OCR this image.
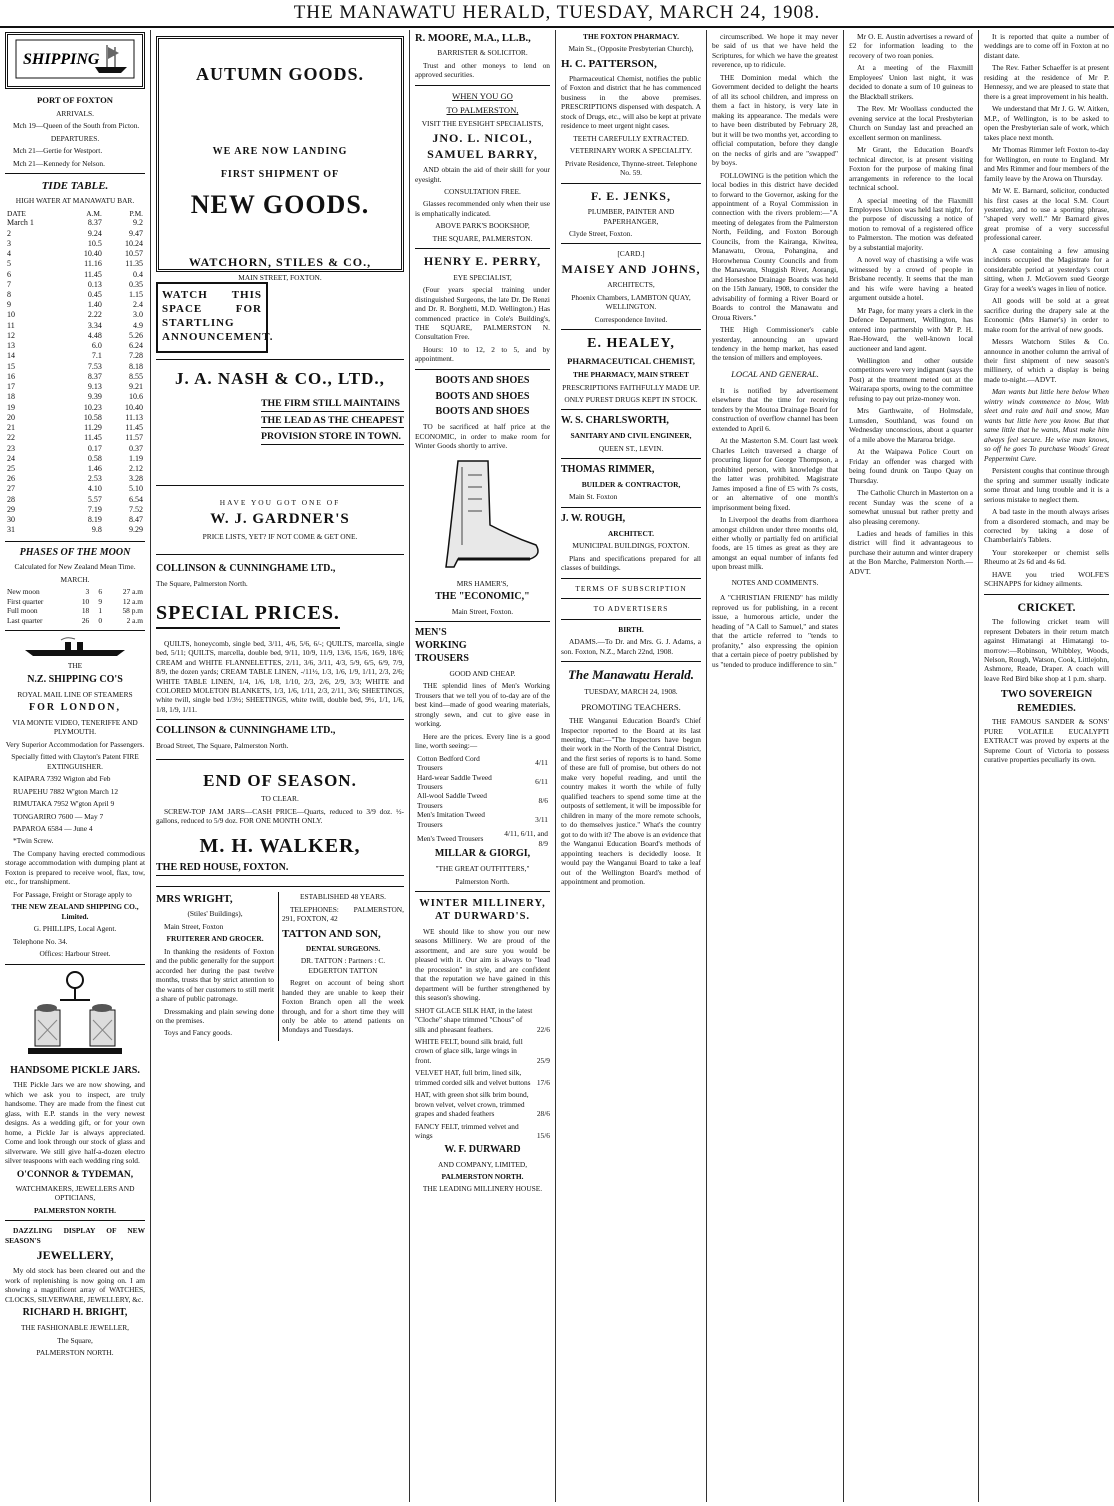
THE MANAWATU HERALD, TUESDAY, MARCH 24, 1908.
SHIPPING

PORT OF FOXTON

ARRIVALS.

Mch 19—Queen of the South from Picton.

DEPARTURES.

Mch 21—Gertie for Westport.

Mch 21—Kennedy for Nelson.

TIDE TABLE.

HIGH WATER AT MANAWATU BAR.

DATE	A.M.	P.M.
March 1	8.37	9.2
2	9.24	9.47
3	10.5	10.24
4	10.40	10.57
5	11.16	11.35
6	11.45	0.4
7	0.13	0.35
8	0.45	1.15
9	1.40	2.4
10	2.22	3.0
11	3.34	4.9
12	4.48	5.26
13	6.0	6.24
14	7.1	7.28
15	7.53	8.18
16	8.37	8.55
17	9.13	9.21
18	9.39	10.6
19	10.23	10.40
20	10.58	11.13
21	11.29	11.45
22	11.45	11.57
23	0.17	0.37
24	0.58	1.19
25	1.46	2.12
26	2.53	3.28
27	4.10	5.10
28	5.57	6.54
29	7.19	7.52
30	8.19	8.47
31	9.8	9.29

PHASES OF THE MOON

Calculated for New Zealand Mean Time.

MARCH.

New moon	3	6	27 a.m
First quarter	10	9	12 a.m
Full moon	18	1	58 p.m
Last quarter	26	0	2 a.m

THE

N.Z. SHIPPING CO'S

ROYAL MAIL LINE OF STEAMERS

FOR LONDON,

VIA MONTE VIDEO, TENERIFFE AND PLYMOUTH.

Very Superior Accommodation for Passengers.

Specially fitted with Clayton's Patent FIRE EXTINGUISHER.

KAIPARA 7392 Wigton abd Feb

RUAPEHU 7882 W'gton March 12

RIMUTAKA 7952 W'gton April 9

TONGARIRO 7600 — May 7

PAPAROA 6584 — June 4

*Twin Screw.

The Company having erected commodious storage accommodation with dumping plant at Foxton is prepared to receive wool, flax, tow, etc., for transhipment.

For Passage, Freight or Storage apply to

THE NEW ZEALAND SHIPPING CO., Limited.

G. PHILLIPS, Local Agent.

Telephone No. 34.

Offices: Harbour Street.

HANDSOME PICKLE JARS.

THE Pickle Jars we are now showing, and which we ask you to inspect, are truly handsome. They are made from the finest cut glass, with E.P. stands in the very newest designs. As a wedding gift, or for your own home, a Pickle Jar is always appreciated. Come and look through our stock of glass and silverware. We still give half-a-dozen electro silver teaspoons with each wedding ring sold.

O'CONNOR & TYDEMAN,

WATCHMAKERS, JEWELLERS AND OPTICIANS,

PALMERSTON NORTH.

DAZZLING DISPLAY OF NEW SEASON'S

JEWELLERY,

My old stock has been cleared out and the work of replenishing is now going on. I am showing a magnificent array of WATCHES, CLOCKS, SILVERWARE, JEWELLERY, &c.

RICHARD H. BRIGHT,

THE FASHIONABLE JEWELLER,

The Square,

PALMERSTON NORTH.

AUTUMN GOODS.

WE ARE NOW LANDING

FIRST SHIPMENT OF

NEW GOODS.

WATCHORN, STILES & CO.,

MAIN STREET, FOXTON.

WATCH THIS SPACE FOR STARTLING ANNOUNCEMENT.

J. A. NASH & CO., LTD.,

THE FIRM STILL MAINTAINS

THE LEAD AS THE CHEAPEST

PROVISION STORE IN TOWN.

HAVE YOU GOT ONE OF

W. J. GARDNER'S

PRICE LISTS, YET? IF NOT COME & GET ONE.

COLLINSON & CUNNINGHAME LTD.,

The Square, Palmerston North.

SPECIAL PRICES.

QUILTS, honeycomb, single bed, 3/11, 4/6, 5/6, 6/-; QUILTS, marcella, single bed, 5/11; QUILTS, marcella, double bed, 9/11, 10/9, 11/9, 13/6, 15/6, 16/9, 18/6; CREAM and WHITE FLANNELETTES, 2/11, 3/6, 3/11, 4/3, 5/9, 6/5, 6/9, 7/9, 8/9, the dozen yards; CREAM TABLE LINEN, -/11½, 1/3, 1/6, 1/9, 1/11, 2/3, 2/6; WHITE TABLE LINEN, 1/4, 1/6, 1/8, 1/10, 2/3, 2/6, 2/9, 3/3; WHITE and COLORED MOLETON BLANKETS, 1/3, 1/6, 1/11, 2/3, 2/11, 3/6; SHEETINGS, white twill, single bed 1/3½; SHEETINGS, white twill, double bed, 9½, 1/1, 1/6, 1/8, 1/9, 1/11.

COLLINSON & CUNNINGHAME LTD.,

Broad Street, The Square, Palmerston North.

END OF SEASON.

TO CLEAR.

SCREW-TOP JAM JARS—CASH PRICE—Quarts, reduced to 3/9 doz. ½-gallons, reduced to 5/9 doz. FOR ONE MONTH ONLY.

M. H. WALKER,

THE RED HOUSE, FOXTON.

MRS WRIGHT,

(Stiles' Buildings),

Main Street, Foxton

FRUITERER AND GROCER.

In thanking the residents of Foxton and the public generally for the support accorded her during the past twelve months, trusts that by strict attention to the wants of her customers to still merit a share of public patronage.

Dressmaking and plain sewing done on the premises.

Toys and Fancy goods.

ESTABLISHED 48 YEARS.

TELEPHONES: PALMERSTON, 291, FOXTON, 42

TATTON AND SON,

DENTAL SURGEONS.

DR. TATTON : Partners : C. EDGERTON TATTON

Regret on account of being short handed they are unable to keep their Foxton Branch open all the week through, and for a short time they will only be able to attend patients on Mondays and Tuesdays.

R. MOORE, M.A., LL.B.,

BARRISTER & SOLICITOR.

Trust and other moneys to lend on approved securities.

WHEN YOU GO

TO PALMERSTON,

VISIT THE EYESIGHT SPECIALISTS,

JNO. L. NICOL, SAMUEL BARRY,

AND obtain the aid of their skill for your eyesight.

CONSULTATION FREE.

Glasses recommended only when their use is emphatically indicated.

ABOVE PARK'S BOOKSHOP,

THE SQUARE, PALMERSTON.

HENRY E. PERRY,

EYE SPECIALIST,

(Four years special training under distinguished Surgeons, the late Dr. De Renzi and Dr. R. Borghetti, M.D. Wellington.) Has commenced practice in Cole's Building's, THE SQUARE, PALMERSTON N. Consultation Free.

Hours: 10 to 12, 2 to 5, and by appointment.

BOOTS AND SHOES

BOOTS AND SHOES

BOOTS AND SHOES

TO be sacrificed at half price at the ECONOMIC, in order to make room for Winter Goods shortly to arrive.

MRS HAMER'S,

THE "ECONOMIC,"

Main Street, Foxton.

MEN'S WORKING TROUSERS

GOOD AND CHEAP.

THE splendid lines of Men's Working Trousers that we tell you of to-day are of the best kind—made of good wearing materials, strongly sewn, and cut to give ease in working.

Here are the prices. Every line is a good line, worth seeing:—

Cotton Bedford Cord Trousers	4/11
Hard-wear Saddle Tweed Trousers	6/11
All-wool Saddle Tweed Trousers	8/6
Men's Imitation Tweed Trousers	3/11
Men's Tweed Trousers	4/11, 6/11, and 8/9

MILLAR & GIORGI,

"THE GREAT OUTFITTERS,"

Palmerston North.

WINTER MILLINERY, AT DURWARD'S.

WE should like to show you our new seasons Millinery. We are proud of the assortment, and are sure you would be pleased with it. Our aim is always to "lead the procession" in style, and are confident that the reputation we have gained in this department will be further strengthened by this season's showing.

SHOT GLACE SILK HAT, in the latest "Cloche" shape trimmed "Chous" of silk and pheasant feathers.	22/6
WHITE FELT, bound silk braid, full crown of glace silk, large wings in front.	25/9
VELVET HAT, full brim, lined silk, trimmed corded silk and velvet buttons 17/6
HAT, with green shot silk brim bound, brown velvet, velvet crown, trimmed grapes and shaded feathers	28/6
FANCY FELT, trimmed velvet and wings	15/6

W. F. DURWARD

AND COMPANY, LIMITED,

PALMERSTON NORTH.

THE LEADING MILLINERY HOUSE.

THE FOXTON PHARMACY.

Main St., (Opposite Presbyterian Church),

H. C. PATTERSON,

Pharmaceutical Chemist, notifies the public of Foxton and district that he has commenced business in the above premises. PRESCRIPTIONS dispensed with despatch. A stock of Drugs, etc., will also be kept at private residence to meet urgent night cases.

TEETH CAREFULLY EXTRACTED.

VETERINARY WORK A SPECIALITY.

Private Residence, Thynne-street. Telephone No. 59.

F. E. JENKS,

PLUMBER, PAINTER AND PAPERHANGER,

Clyde Street, Foxton.

[CARD.]

MAISEY AND JOHNS,

ARCHITECTS,

Phoenix Chambers, LAMBTON QUAY, WELLINGTON.

Correspondence Invited.

E. HEALEY,

PHARMACEUTICAL CHEMIST,

THE PHARMACY, MAIN STREET

PRESCRIPTIONS FAITHFULLY MADE UP.

ONLY PUREST DRUGS KEPT IN STOCK.

W. S. CHARLSWORTH,

SANITARY AND CIVIL ENGINEER,

QUEEN ST., LEVIN.

THOMAS RIMMER,

BUILDER & CONTRACTOR,

Main St. Foxton

J. W. ROUGH,

ARCHITECT.

MUNICIPAL BUILDINGS, FOXTON.

Plans and specifications prepared for all classes of buildings.

TERMS OF SUBSCRIPTION

TO ADVERTISERS

BIRTH.

ADAMS.—To Dr. and Mrs. G. J. Adams, a son. Foxton, N.Z., March 22nd, 1908.

The Manawatu Herald.

TUESDAY, MARCH 24, 1908.

PROMOTING TEACHERS.

THE Wanganui Education Board's Chief Inspector reported to the Board at its last meeting, that:—"The Inspectors have begun their work in the North of the Central District, and the first series of reports is to hand. Some of these are full of promise, but others do not make very hopeful reading, and until the country makes it worth the while of fully qualified teachers to spend some time at the outposts of settlement, it will be impossible for children in many of the more remote schools, to do themselves justice." What's the country got to do with it? The above is an evidence that the Wanganui Education Board's methods of appointing teachers is decidedly loose. It would pay the Wanganui Board to take a leaf out of the Wellington Board's method of appointment and promotion.

circumscribed. We hope it may never be said of us that we have held the Scriptures, for which we have the greatest reverence, up to ridicule.

THE Dominion medal which the Government decided to delight the hearts of all its school children, and impress on them a fact in history, is very late in making its appearance. The medals were to have been distributed by February 28, but it will be two months yet, according to official computation, before they dangle on the necks of girls and are "swapped" by boys.

FOLLOWING is the petition which the local bodies in this district have decided to forward to the Governor, asking for the appointment of a Royal Commission in connection with the rivers problem:—"A meeting of delegates from the Palmerston North, Feilding, and Foxton Borough Councils, from the Kairanga, Kiwitea, Manawatu, Oroua, Pohangina, and Horowhenua County Councils and from the Manawatu, Sluggish River, Aorangi, and Horseshoe Drainage Boards was held on the 15th January, 1908, to consider the advisability of forming a River Board or Boards to control the Manawatu and Oroua Rivers."

THE High Commissioner's cable yesterday, announcing an upward tendency in the hemp market, has eased the tension of millers and employees.

LOCAL AND GENERAL.

It is notified by advertisement elsewhere that the time for receiving tenders by the Moutoa Drainage Board for construction of overflow channel has been extended to April 6.

At the Masterton S.M. Court last week Charles Leitch traversed a charge of procuring liquor for George Thompson, a prohibited person, with knowledge that the latter was prohibited. Magistrate James imposed a fine of £5 with 7s costs, or an alternative of one month's imprisonment being fixed.

In Liverpool the deaths from diarrhoea amongst children under three months old, either wholly or partially fed on artificial foods, are 15 times as great as they are amongst an equal number of infants fed upon breast milk.

NOTES AND COMMENTS.

A "CHRISTIAN FRIEND" has mildly reproved us for publishing, in a recent issue, a humorous article, under the heading of "A Call to Samuel," and states that the article referred to "tends to profanity," also expressing the opinion that a certain piece of poetry published by us "tended to produce indifference to sin."

Mr O. E. Austin advertises a reward of £2 for information leading to the recovery of two roan ponies.

At a meeting of the Flaxmill Employees' Union last night, it was decided to donate a sum of 10 guineas to the Blackball strikers.

The Rev. Mr Woollass conducted the evening service at the local Presbyterian Church on Sunday last and preached an excellent sermon on manliness.

Mr Grant, the Education Board's technical director, is at present visiting Foxton for the purpose of making final arrangements in reference to the local technical school.

A special meeting of the Flaxmill Employees Union was held last night, for the purpose of discussing a notice of motion to removal of a registered office to Palmerston. The motion was defeated by a substantial majority.

A novel way of chastising a wife was witnessed by a crowd of people in Brisbane recently. It seems that the man and his wife were having a heated argument outside a hotel.

Mr Page, for many years a clerk in the Defence Department, Wellington, has entered into partnership with Mr P. H. Rae-Howard, the well-known local auctioneer and land agent.

Wellington and other outside competitors were very indignant (says the Post) at the treatment meted out at the Wairarapa sports, owing to the committee refusing to pay out prize-money won.

Mrs Garthwaite, of Holmsdale, Lumsden, Southland, was found on Wednesday unconscious, about a quarter of a mile above the Mararoa bridge.

At the Waipawa Police Court on Friday an offender was charged with being found drunk on Taupo Quay on Thursday.

The Catholic Church in Masterton on a recent Sunday was the scene of a somewhat unusual but rather pretty and also pleasing ceremony.

Ladies and heads of families in this district will find it advantageous to purchase their autumn and winter drapery at the Bon Marche, Palmerston North.—ADVT.

It is reported that quite a number of weddings are to come off in Foxton at no distant date.

The Rev. Father Schaeffer is at present residing at the residence of Mr P. Hennessy, and we are pleased to state that there is a great improvement in his health.

We understand that Mr J. G. W. Aitken, M.P., of Wellington, is to be asked to open the Presbyterian sale of work, which takes place next month.

Mr Thomas Rimmer left Foxton to-day for Wellington, en route to England. Mr and Mrs Rimmer and four members of the family leave by the Arowa on Thursday.

Mr W. E. Barnard, solicitor, conducted his first cases at the local S.M. Court yesterday, and to use a sporting phrase, "shaped very well." Mr Barnard gives great promise of a very successful professional career.

A case containing a few amusing incidents occupied the Magistrate for a considerable period at yesterday's court sitting, when J. McGovern sued George Gray for a week's wages in lieu of notice.

All goods will be sold at a great sacrifice during the drapery sale at the Economic (Mrs Hamer's) in order to make room for the arrival of new goods.

Messrs Watchorn Stiles & Co. announce in another column the arrival of their first shipment of new season's millinery, of which a display is being made to-night.—ADVT.

Man wants but little here below When wintry winds commence to blow, With sleet and rain and hail and snow, Man wants but little here you know. But that same little that he wants, Must make him always feel secure. He wise man knows, so off he goes To purchase Woods' Great Peppermint Cure.

Persistent coughs that continue through the spring and summer usually indicate some throat and lung trouble and it is a serious mistake to neglect them.

A bad taste in the mouth always arises from a disordered stomach, and may be corrected by taking a dose of Chamberlain's Tablets.

Your storekeeper or chemist sells Rheumo at 2s 6d and 4s 6d.

HAVE you tried WOLFE'S SCHNAPPS for kidney ailments.

CRICKET.

The following cricket team will represent Debaters in their return match against Himatangi at Himatangi to-morrow:—Robinson, Whibbley, Woods, Nelson, Rough, Watson, Cook, Littlejohn, Ashmore, Reade, Draper. A coach will leave Red Bird bike shop at 1 p.m. sharp.

TWO SOVEREIGN REMEDIES.

THE FAMOUS SANDER & SONS' PURE VOLATILE EUCALYPTI EXTRACT was proved by experts at the Supreme Court of Victoria to possess curative properties peculiarly its own.
